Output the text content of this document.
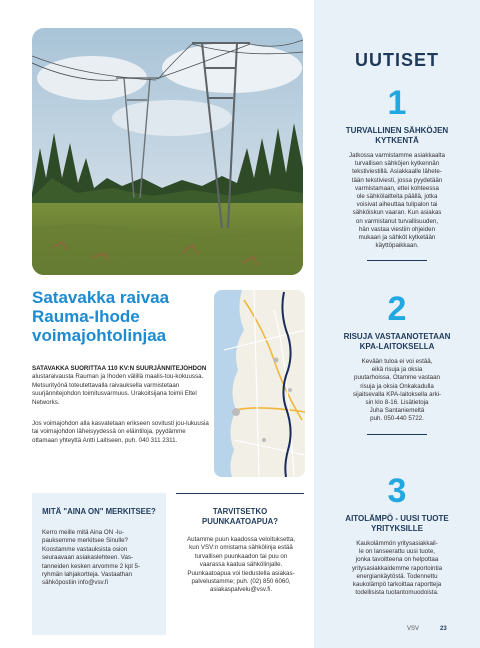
UUTISET
1
TURVALLINEN SÄHKÖJEN KYTKENTÄ
Jatkossa varmistamme asiakkaalta
turvallisen sähköjen kytkennän
tekstiviestillä. Asiakkaalle lähete-
tään tekstiviesti, jossa pyydetään
varmistamaan, ettei kohteessa
ole sähkölaitteita päällä, jotka
voisivat aiheuttaa tulipalon tai
sähköiskun vaaran. Kun asiakas
on varmistanut turvallisuuden,
hän vastaa viestiin ohjeiden
mukaan ja sähköt kytketään
käyttöpaikkaan.
2
RISUJA VASTAANOTETAAN KPA-LAITOKSELLA
Kevään tuloa ei voi estää,
eikä risuja ja oksia
puutarhoissa. Otamme vastaan
risuja ja oksia Onkakadulla
sijaitsevalla KPA-laitoksella arki-
sin klo 8-16. Lisätietoja
Juha Santaniemeltä
puh. 050-440 5722.
3
AITOLÄMPÖ - UUSI TUOTE YRITYKSILLE
Kaukolämmön yritysasiakkail-
le on lanseerattu uusi tuote,
jonka tavoitteena on helpottaa
yritysasiakkaidemme raportointia
energiankäytöstä. Todennettu
kaukolämpö tarkoittaa raportteja
todellisista tuotantomuodoista.
Satavakka raivaa Rauma-Ihode voimajohtolinjaa
SATAVAKKA SUORITTAA 110 KV:N SUURJÄNNITEJOHDON alustaraivausta Rauman ja Ihoden välillä maalis-tou-kokuussa. Metsurityönä toteutettavalla raivauksella varmistetaan suurjännitejohdon toimitusvarmuus. Urakoitsijana toimii Eltel Networks.
Jos voimajohdon alla kasvatetaan erikseen sovitusti jou-lukuusia tai voimajohdon läheisyydessä on eläintiloja, pyydämme ottamaan yhteyttä Antti Laitiseen, puh. 040 311 2311.
MITÄ "AINA ON" MERKITSEE?
Kerro meille mitä Aina ON -lu-pauksemme merkitsee Sinulle? Koostamme vastauksista osion seuraavaan asiakaslehteen. Vas-tanneiden kesken arvomme 2 kpl 5-ryhmän lahjakortteja. Vastaathan sähköpostiin info@vsv.fi
TARVITSETKO PUUNKAATOAPUA?
Autamme puun kaadossa veloituksetta, kun VSV:n omistama sähkölinja estää turvallisen puunkaadon tai puu on vaarassa kaatua sähkölinjalle. Puunkaatoapua voi tiedustella asiakas-palvelustamme; puh. (02) 850 6060, asiakaspalvelu@vsv.fi.
VSV	23
